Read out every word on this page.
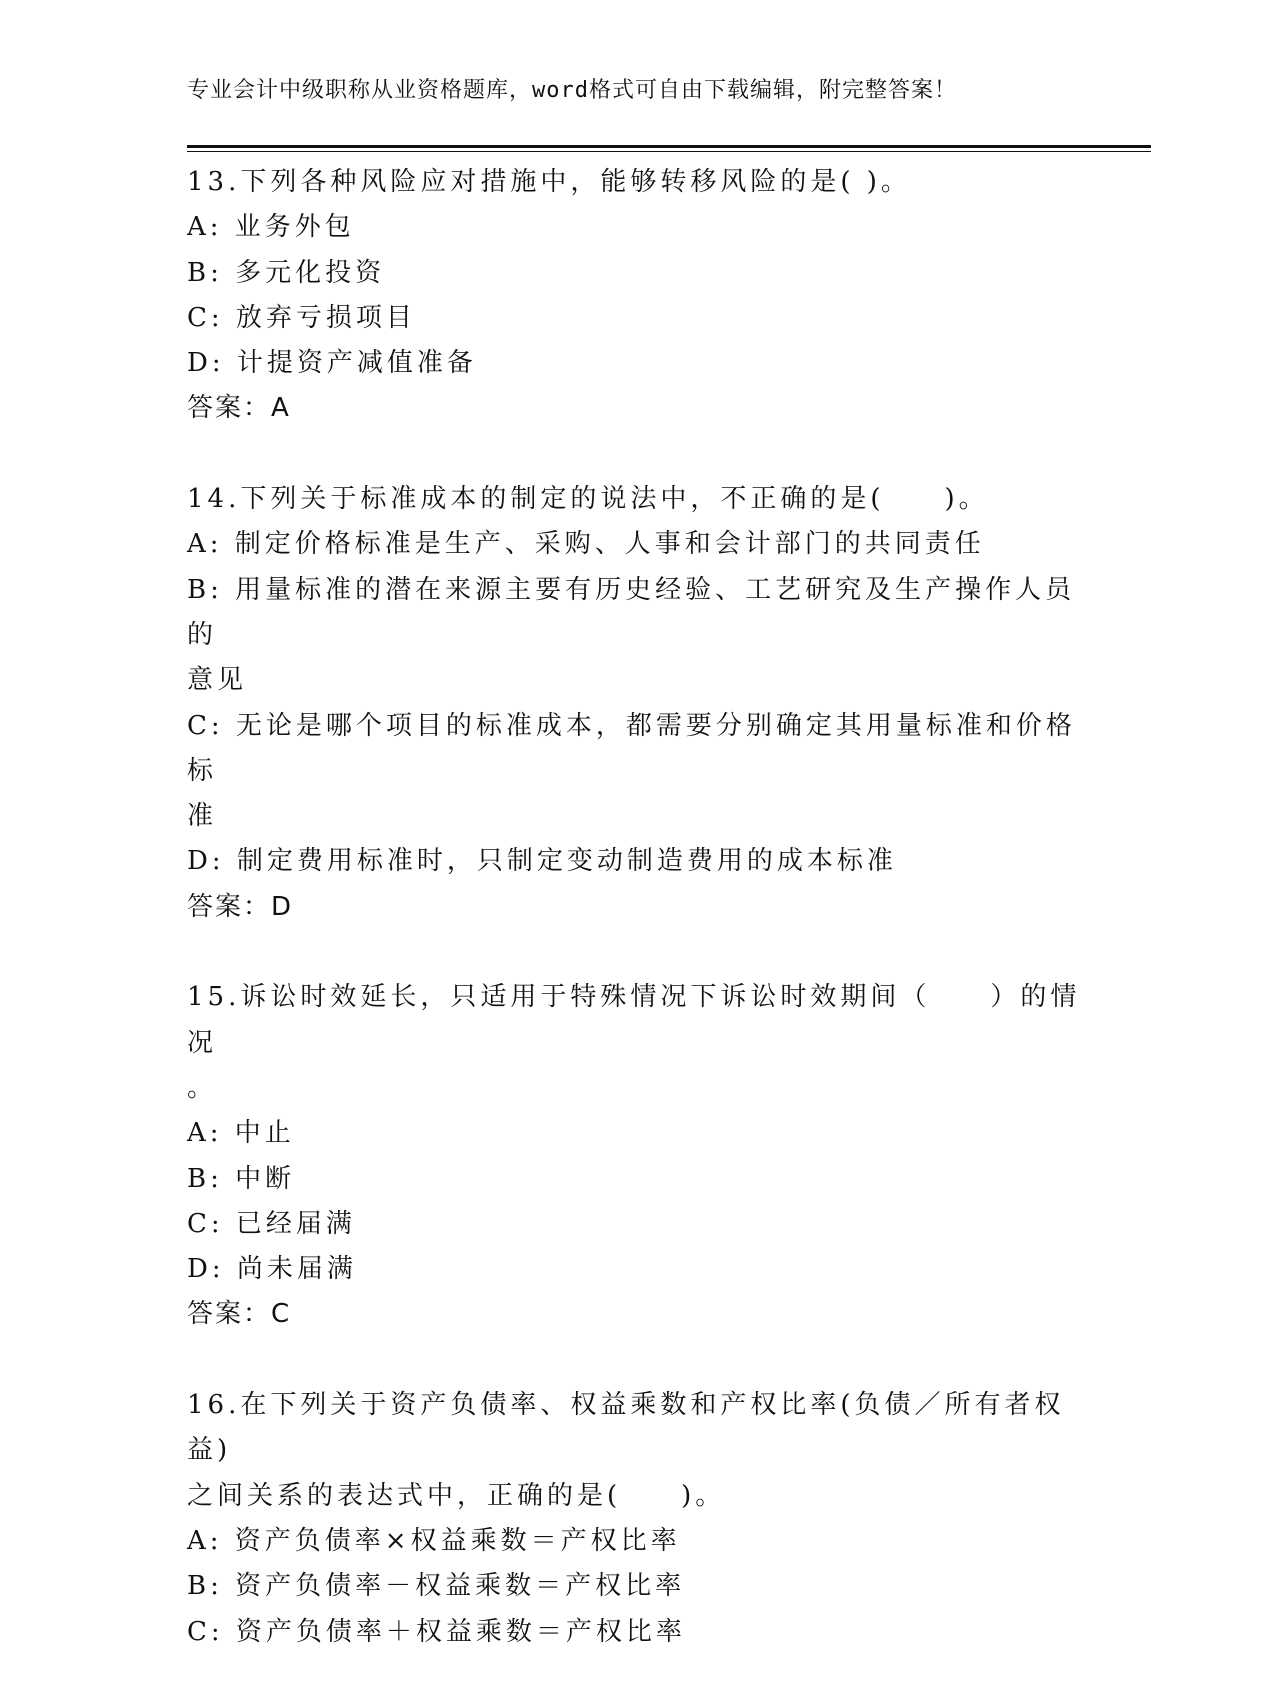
专业会计中级职称从业资格题库，word格式可自由下载编辑，附完整答案！
13.下列各种风险应对措施中，能够转移风险的是( )。
A: 业务外包
B: 多元化投资
C: 放弃亏损项目
D: 计提资产减值准备
答案：A
14.下列关于标准成本的制定的说法中，不正确的是(　　)。
A: 制定价格标准是生产、采购、人事和会计部门的共同责任
B: 用量标准的潜在来源主要有历史经验、工艺研究及生产操作人员的
意见
C: 无论是哪个项目的标准成本，都需要分别确定其用量标准和价格标
准
D: 制定费用标准时，只制定变动制造费用的成本标准
答案：D
15.诉讼时效延长，只适用于特殊情况下诉讼时效期间（　　）的情况
。
A: 中止
B: 中断
C: 已经届满
D: 尚未届满
答案：C
16.在下列关于资产负债率、权益乘数和产权比率(负债／所有者权益)
之间关系的表达式中，正确的是(　　)。
A: 资产负债率×权益乘数＝产权比率
B: 资产负债率－权益乘数＝产权比率
C: 资产负债率＋权益乘数＝产权比率
